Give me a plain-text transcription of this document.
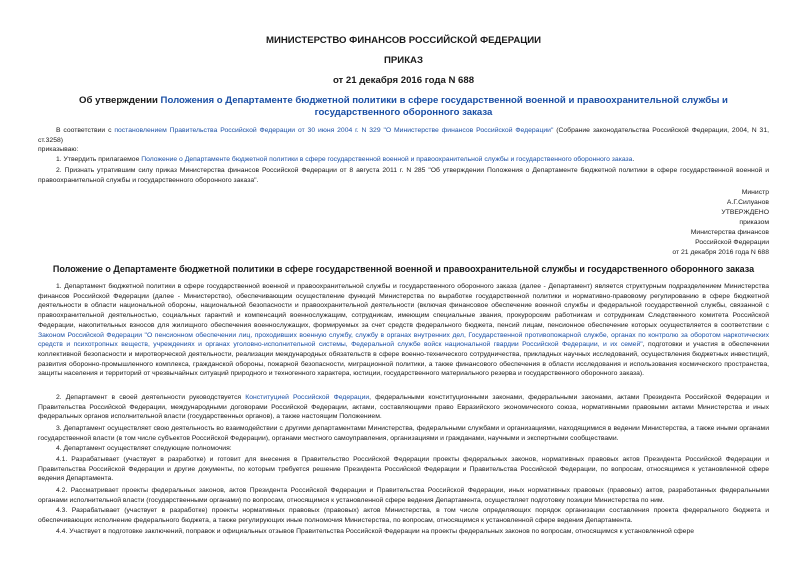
МИНИСТЕРСТВО ФИНАНСОВ РОССИЙСКОЙ ФЕДЕРАЦИИ
ПРИКАЗ
от 21 декабря 2016 года N 688
Об утверждении Положения о Департаменте бюджетной политики в сфере государственной военной и правоохранительной службы и государственного оборонного заказа
В соответствии с постановлением Правительства Российской Федерации от 30 июня 2004 г. N 329 "О Министерстве финансов Российской Федерации" (Собрание законодательства Российской Федерации, 2004, N 31, ст.3258)
приказываю:
1. Утвердить прилагаемое Положение о Департаменте бюджетной политики в сфере государственной военной и правоохранительной службы и государственного оборонного заказа.
2. Признать утратившим силу приказ Министерства финансов Российской Федерации от 8 августа 2011 г. N 285 "Об утверждении Положения о Департаменте бюджетной политики в сфере государственной военной и правоохранительной службы и государственного оборонного заказа".
Министр
А.Г.Силуанов
УТВЕРЖДЕНО
приказом
Министерства финансов
Российской Федерации
от 21 декабря 2016 года N 688
Положение о Департаменте бюджетной политики в сфере государственной военной и правоохранительной службы и государственного оборонного заказа
1. Департамент бюджетной политики в сфере государственной военной и правоохранительной службы и государственного оборонного заказа (далее - Департамент) является структурным подразделением Министерства финансов Российской Федерации (далее - Министерство), обеспечивающим осуществление функций Министерства по выработке государственной политики и нормативно-правовому регулированию в сфере бюджетной деятельности в области национальной обороны, национальной безопасности и правоохранительной деятельности (включая финансовое обеспечение военной службы и федеральной государственной службы, связанной с правоохранительной деятельностью, социальных гарантий и компенсаций военнослужащим, сотрудникам, имеющим специальные звания, прокурорским работникам и сотрудникам Следственного комитета Российской Федерации, накопительных взносов для жилищного обеспечения военнослужащих, формируемых за счет средств федерального бюджета, пенсий лицам, пенсионное обеспечение которых осуществляется в соответствии с Законом Российской Федерации "О пенсионном обеспечении лиц, проходивших военную службу, службу в органах внутренних дел, Государственной противопожарной службе, органах по контролю за оборотом наркотических средств и психотропных веществ, учреждениях и органах уголовно-исполнительной системы, Федеральной службе войск национальной гвардии Российской Федерации, и их семей", подготовки и участия в обеспечении коллективной безопасности и миротворческой деятельности, реализации международных обязательств в сфере военно-технического сотрудничества, прикладных научных исследований, осуществления бюджетных инвестиций, развития оборонно-промышленного комплекса, гражданской обороны, пожарной безопасности, миграционной политики, а также финансового обеспечения в области исследования и использования космического пространства, защиты населения и территорий от чрезвычайных ситуаций природного и техногенного характера, юстиции, государственного материального резерва и государственного оборонного заказа).
2. Департамент в своей деятельности руководствуется Конституцией Российской Федерации, федеральными конституционными законами, федеральными законами, актами Президента Российской Федерации и Правительства Российской Федерации, международными договорами Российской Федерации, актами, составляющими право Евразийского экономического союза, нормативными правовыми актами Министерства и иных федеральных органов исполнительной власти (государственных органов), а также настоящим Положением.
3. Департамент осуществляет свою деятельность во взаимодействии с другими департаментами Министерства, федеральными службами и организациями, находящимися в ведении Министерства, а также иными органами государственной власти (в том числе субъектов Российской Федерации), органами местного самоуправления, организациями и гражданами, научными и экспертными сообществами.
4. Департамент осуществляет следующие полномочия:
4.1. Разрабатывает (участвует в разработке) и готовит для внесения в Правительство Российской Федерации проекты федеральных законов, нормативных правовых актов Президента Российской Федерации и Правительства Российской Федерации и другие документы, по которым требуется решение Президента Российской Федерации и Правительства Российской Федерации, по вопросам, относящимся к установленной сфере ведения Департамента.
4.2. Рассматривает проекты федеральных законов, актов Президента Российской Федерации и Правительства Российской Федерации, иных нормативных правовых (правовых) актов, разработанных федеральными органами исполнительной власти (государственными органами) по вопросам, относящимся к установленной сфере ведения Департамента, осуществляет подготовку позиции Министерства по ним.
4.3. Разрабатывает (участвует в разработке) проекты нормативных правовых (правовых) актов Министерства, в том числе определяющих порядок организации составления проекта федерального бюджета и обеспечивающих исполнение федерального бюджета, а также регулирующих иные полномочия Министерства, по вопросам, относящимся к установленной сфере ведения Департамента.
4.4. Участвует в подготовке заключений, поправок и официальных отзывов Правительства Российской Федерации на проекты федеральных законов по вопросам, относящимся к установленной сфере
